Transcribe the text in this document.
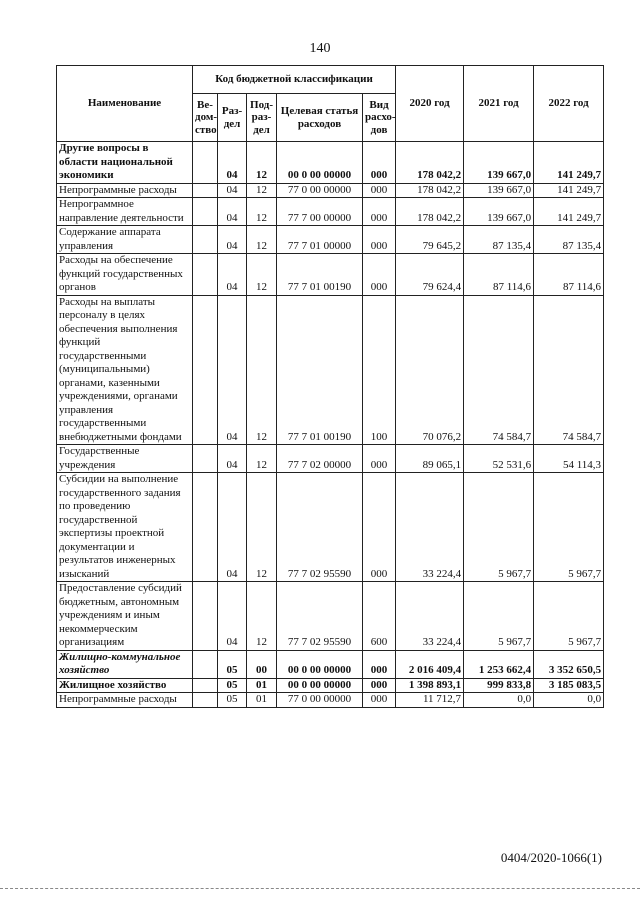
140
Наименование	Код бюджетной классификации					2020 год	2021 год	2022 год
	Ве-дом-ство	Раз-дел	Под-раз-дел	Целевая статья расходов	Вид расхо-дов			
Другие вопросы в области национальной экономики		04	12	00 0 00 00000	000	178 042,2	139 667,0	141 249,7
Непрограммные расходы		04	12	77 0 00 00000	000	178 042,2	139 667,0	141 249,7
Непрограммное направление деятельности		04	12	77 7 00 00000	000	178 042,2	139 667,0	141 249,7
Содержание аппарата управления		04	12	77 7 01 00000	000	79 645,2	87 135,4	87 135,4
Расходы на обеспечение функций государственных органов		04	12	77 7 01 00190	000	79 624,4	87 114,6	87 114,6
Расходы на выплаты персоналу в целях обеспечения выполнения функций государственными (муниципальными) органами, казенными учреждениями, органами управления государственными внебюджетными фондами		04	12	77 7 01 00190	100	70 076,2	74 584,7	74 584,7
Государственные учреждения		04	12	77 7 02 00000	000	89 065,1	52 531,6	54 114,3
Субсидии на выполнение государственного задания по проведению государственной экспертизы проектной документации и результатов инженерных изысканий		04	12	77 7 02 95590	000	33 224,4	5 967,7	5 967,7
Предоставление субсидий бюджетным, автономным учреждениям и иным некоммерческим организациям		04	12	77 7 02 95590	600	33 224,4	5 967,7	5 967,7
Жилищно-коммунальное хозяйство		05	00	00 0 00 00000	000	2 016 409,4	1 253 662,4	3 352 650,5
Жилищное хозяйство		05	01	00 0 00 00000	000	1 398 893,1	999 833,8	3 185 083,5
Непрограммные расходы		05	01	77 0 00 00000	000	11 712,7	0,0	0,0
0404/2020-1066(1)
